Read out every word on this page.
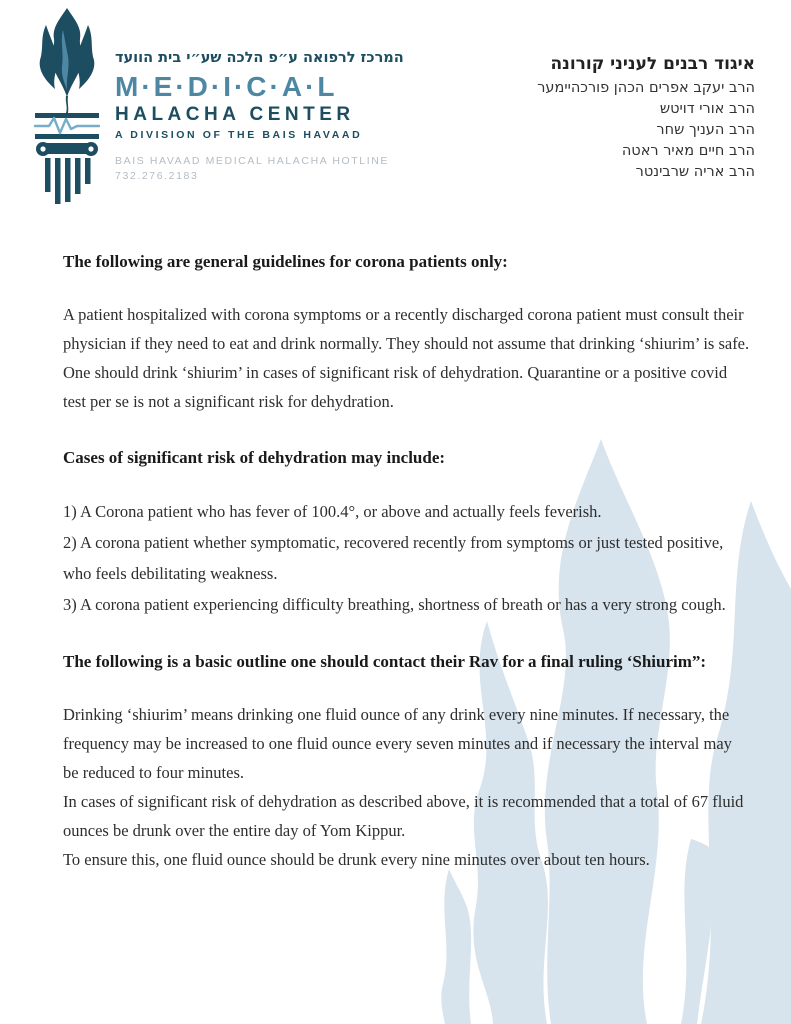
המרכז לרפואה ע״פ הלכה שע״י בית הוועד
M·E·D·I·C·A·L
HALACHA CENTER
A DIVISION OF THE BAIS HAVAAD
BAIS HAVAAD MEDICAL HALACHA HOTLINE
732.276.2183
איגוד רבנים לעניני קורונה
הרב יעקב אפרים הכהן פורכהיימער
הרב אורי דויטש
הרב העניך שחר
הרב חיים מאיר ראטה
הרב אריה שרבינטר
The following are general guidelines for corona patients only:

A patient hospitalized with corona symptoms or a recently discharged corona patient must consult their physician if they need to eat and drink normally. They should not assume that drinking ‘shiurim’ is safe.

One should drink ‘shiurim’ in cases of significant risk of dehydration. Quarantine or a positive covid test per se is not a significant risk for dehydration.

Cases of significant risk of dehydration may include:

1) A Corona patient who has fever of 100.4°, or above and actually feels feverish.

2) A corona patient whether symptomatic, recovered recently from symptoms or just tested positive, who feels debilitating weakness.

3) A corona patient experiencing difficulty breathing, shortness of breath or has a very strong cough.

The following is a basic outline one should contact their Rav for a final ruling ‘Shiurim”:

Drinking ‘shiurim’ means drinking one fluid ounce of any drink every nine minutes. If necessary, the frequency may be increased to one fluid ounce every seven minutes and if necessary the interval may be reduced to four minutes.

In cases of significant risk of dehydration as described above, it is recommended that a total of 67 fluid ounces be drunk over the entire day of Yom Kippur.

To ensure this, one fluid ounce should be drunk every nine minutes over about ten hours.
